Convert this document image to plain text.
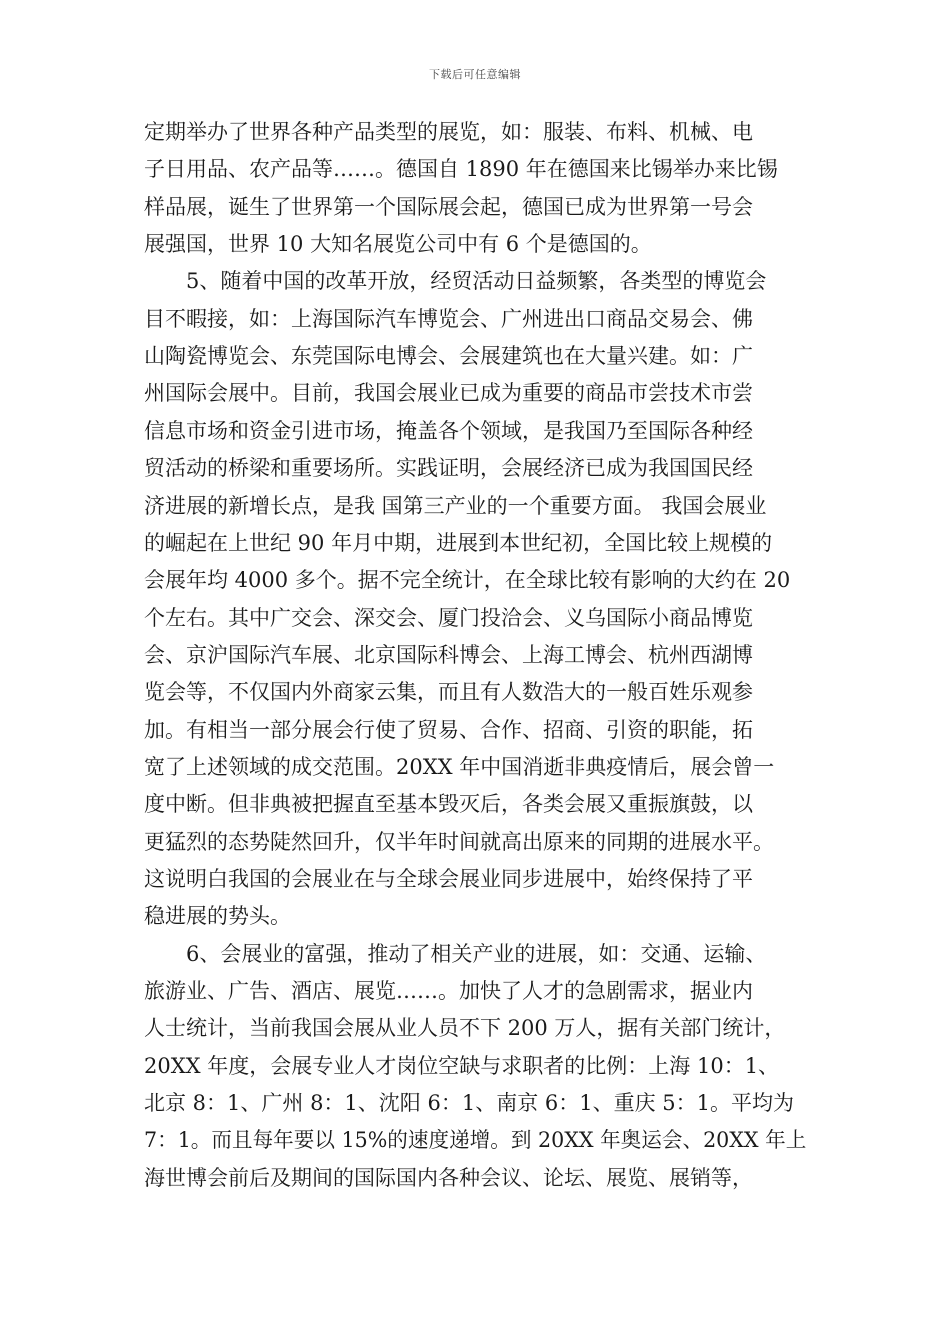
下载后可任意编辑
定期举办了世界各种产品类型的展览，如：服装、布料、机械、电
子日用品、农产品等……。德国自 1890 年在德国来比锡举办来比锡
样品展，诞生了世界第一个国际展会起，德国已成为世界第一号会
展强国，世界 10 大知名展览公司中有 6 个是德国的。
　　5、随着中国的改革开放，经贸活动日益频繁，各类型的博览会
目不暇接，如：上海国际汽车博览会、广州进出口商品交易会、佛
山陶瓷博览会、东莞国际电博会、会展建筑也在大量兴建。如：广
州国际会展中。目前，我国会展业已成为重要的商品市尝技术市尝
信息市场和资金引进市场，掩盖各个领域，是我国乃至国际各种经
贸活动的桥梁和重要场所。实践证明，会展经济已成为我国国民经
济进展的新增长点，是我 国第三产业的一个重要方面。 我国会展业
的崛起在上世纪 90 年月中期，进展到本世纪初，全国比较上规模的
会展年均 4000 多个。据不完全统计，在全球比较有影响的大约在 20
个左右。其中广交会、深交会、厦门投洽会、义乌国际小商品博览
会、京沪国际汽车展、北京国际科博会、上海工博会、杭州西湖博
览会等，不仅国内外商家云集，而且有人数浩大的一般百姓乐观参
加。有相当一部分展会行使了贸易、合作、招商、引资的职能，拓
宽了上述领域的成交范围。20XX 年中国消逝非典疫情后，展会曾一
度中断。但非典被把握直至基本毁灭后，各类会展又重振旗鼓，以
更猛烈的态势陡然回升，仅半年时间就高出原来的同期的进展水平。
这说明白我国的会展业在与全球会展业同步进展中，始终保持了平
稳进展的势头。
　　6、会展业的富强，推动了相关产业的进展，如：交通、运输、
旅游业、广告、酒店、展览……。加快了人才的急剧需求，据业内
人士统计，当前我国会展从业人员不下 200 万人，据有关部门统计，
20XX 年度，会展专业人才岗位空缺与求职者的比例：上海 10：1、
北京 8：1、广州 8：1、沈阳 6：1、南京 6：1、重庆 5：1。平均为
7：1。而且每年要以 15%的速度递增。到 20XX 年奥运会、20XX 年上
海世博会前后及期间的国际国内各种会议、论坛、展览、展销等，
